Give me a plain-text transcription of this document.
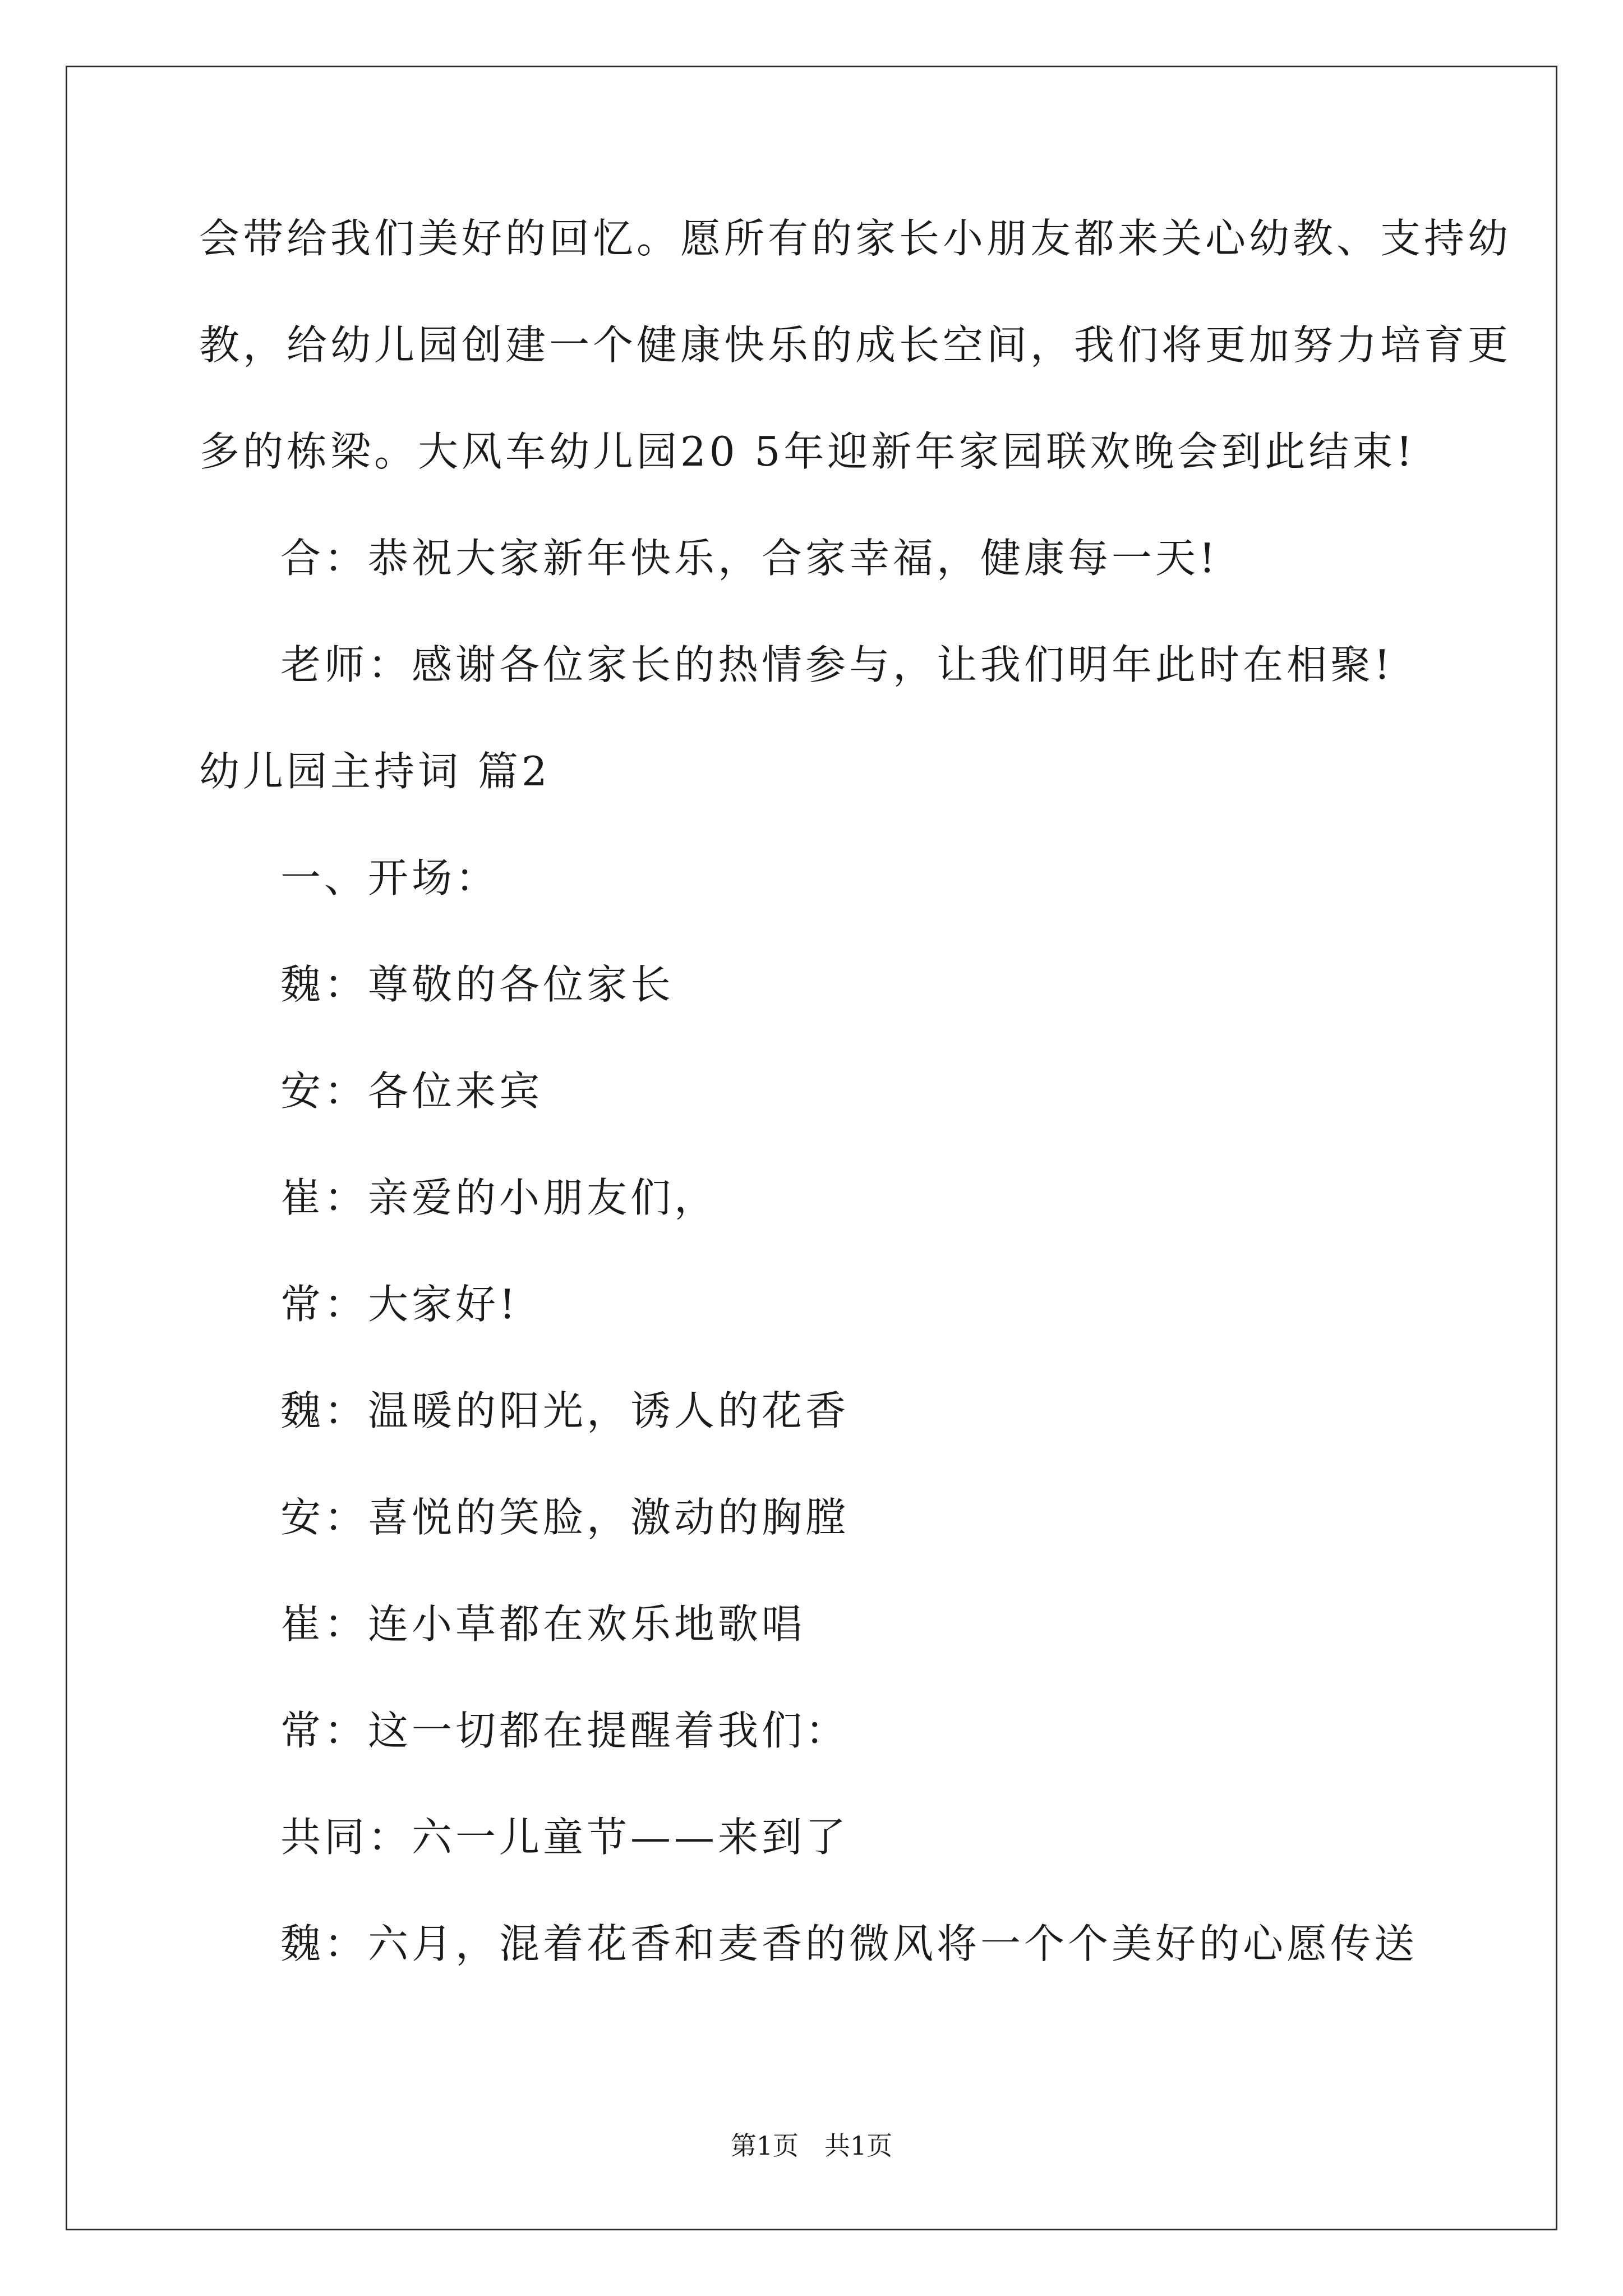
会带给我们美好的回忆。愿所有的家长小朋友都来关心幼教、支持幼
教，给幼儿园创建一个健康快乐的成长空间，我们将更加努力培育更
多的栋梁。大风车幼儿园20 5年迎新年家园联欢晚会到此结束!
合：恭祝大家新年快乐，合家幸福，健康每一天!
老师：感谢各位家长的热情参与，让我们明年此时在相聚!
幼儿园主持词 篇2
一、开场：
魏：尊敬的各位家长
安：各位来宾
崔：亲爱的小朋友们，
常：大家好!
魏：温暖的阳光，诱人的花香
安：喜悦的笑脸，激动的胸膛
崔：连小草都在欢乐地歌唱
常：这一切都在提醒着我们：
共同：六一儿童节——来到了
魏：六月，混着花香和麦香的微风将一个个美好的心愿传送
第1页　共1页
